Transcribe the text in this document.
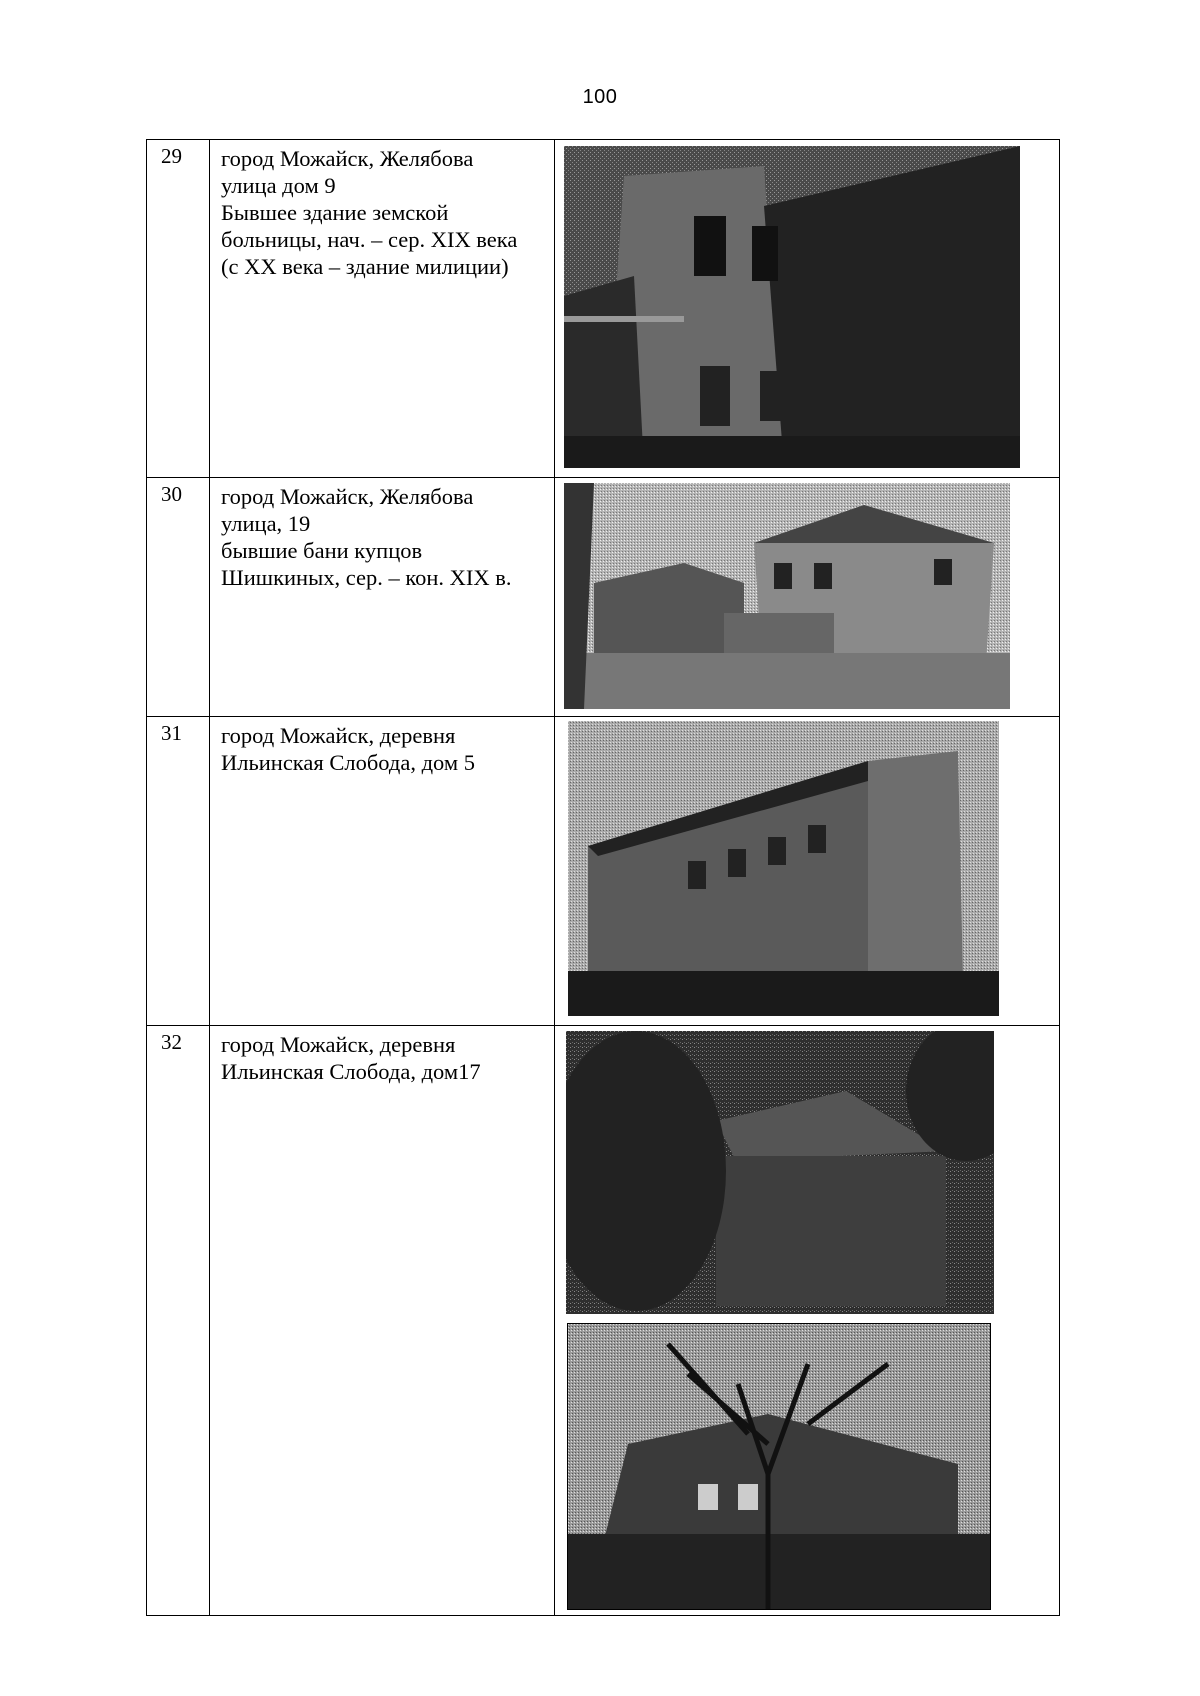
100
29	город Можайск, Желябова
улица дом 9
Бывшее здание земской
больницы, нач. – сер. XIX века
(с XX века – здание милиции)

30	город Можайск, Желябова
улица, 19
бывшие бани купцов
Шишкиных, сер. – кон. XIX в.

31	город Можайск, деревня
Ильинская Слобода, дом 5

32	город Можайск, деревня
Ильинская Слобода, дом17
